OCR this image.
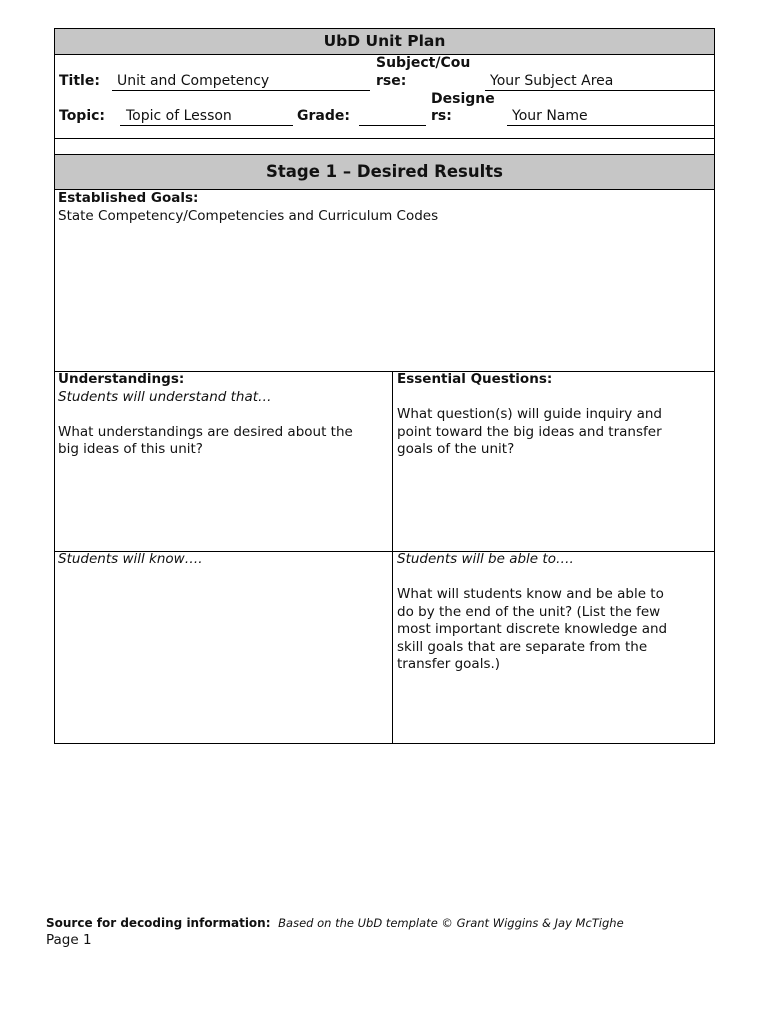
UbD Unit Plan
Title: Unit and Competency
Subject/Cou
rse:	Your Subject Area
Topic: Topic of Lesson	Grade:
Designe
rs:	Your Name
Stage 1 – Desired Results

Established Goals:

State Competency/Competencies and Curriculum Codes

Understandings:

Students will understand that…

What understandings are desired about the

big ideas of this unit?

Essential Questions:

What question(s) will guide inquiry and

point toward the big ideas and transfer

goals of the unit?

Students will know….	Students will be able to….

What will students know and be able to

do by the end of the unit? (List the few

most important discrete knowledge and

skill goals that are separate from the

transfer goals.)

Source for decoding information: Based on the UbD template © Grant Wiggins & Jay McTighe
Page 1
